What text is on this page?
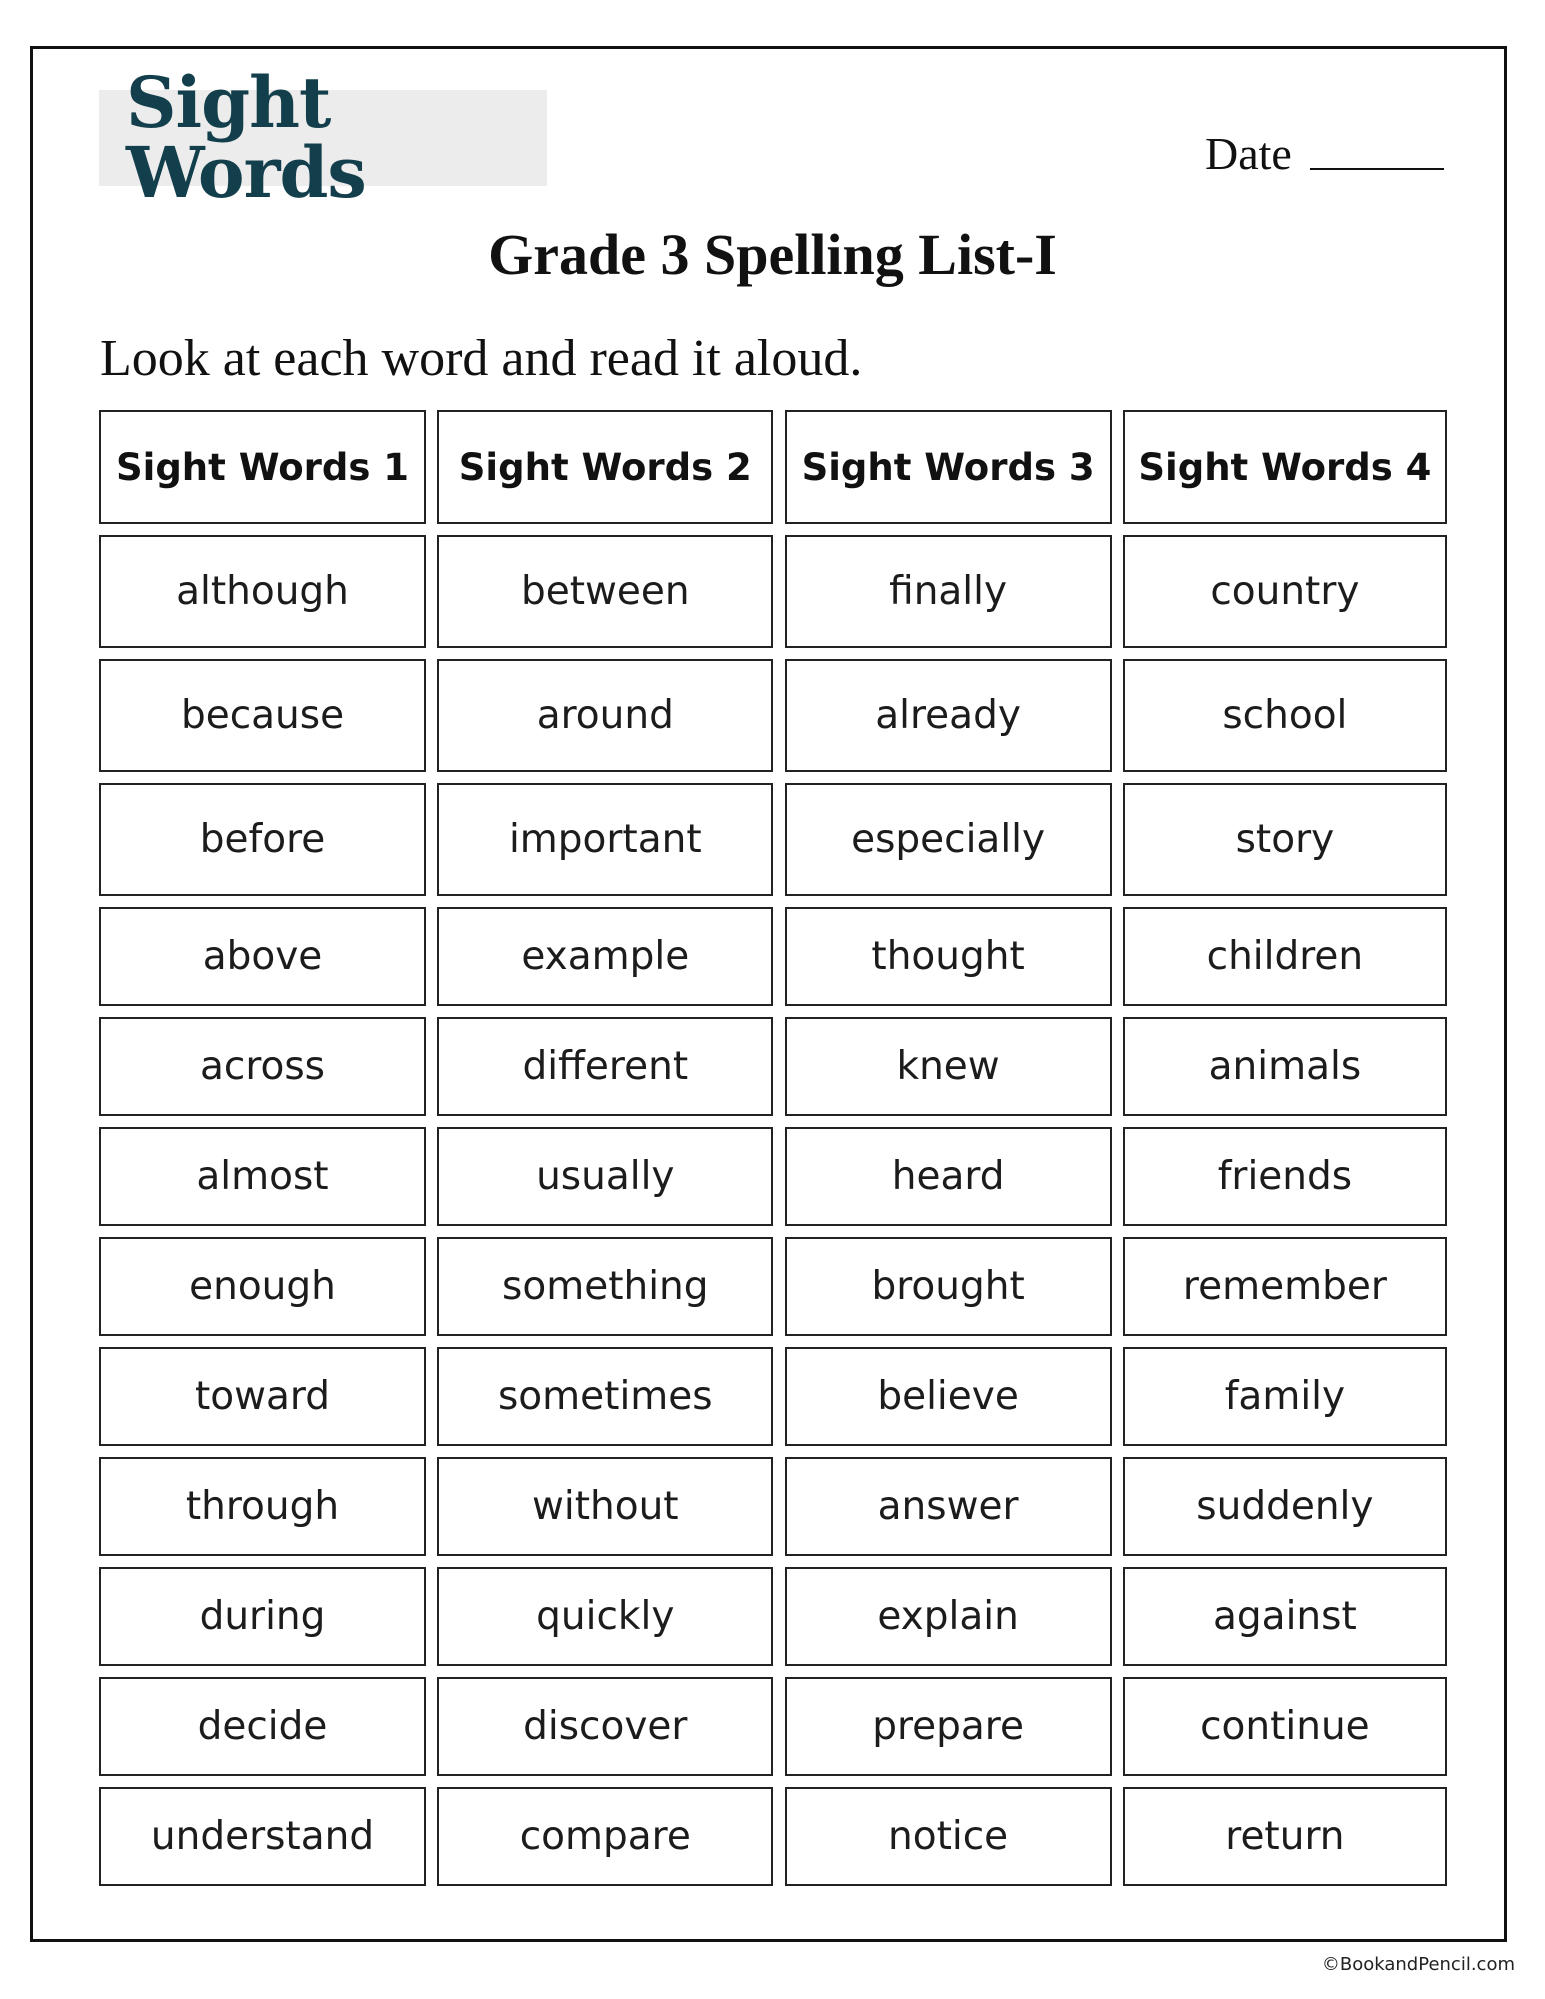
Sight Words	Date
Grade 3 Spelling List-I
Look at each word and read it aloud.
Sight Words 1	Sight Words 2	Sight Words 3	Sight Words 4
although	between	finally	country
because	around	already	school
before	important	especially	story
above	example	thought	children
across	different	knew	animals
almost	usually	heard	friends
enough	something	brought	remember
toward	sometimes	believe	family
through	without	answer	suddenly
during	quickly	explain	against
decide	discover	prepare	continue
understand	compare	notice	return
©BookandPencil.com
